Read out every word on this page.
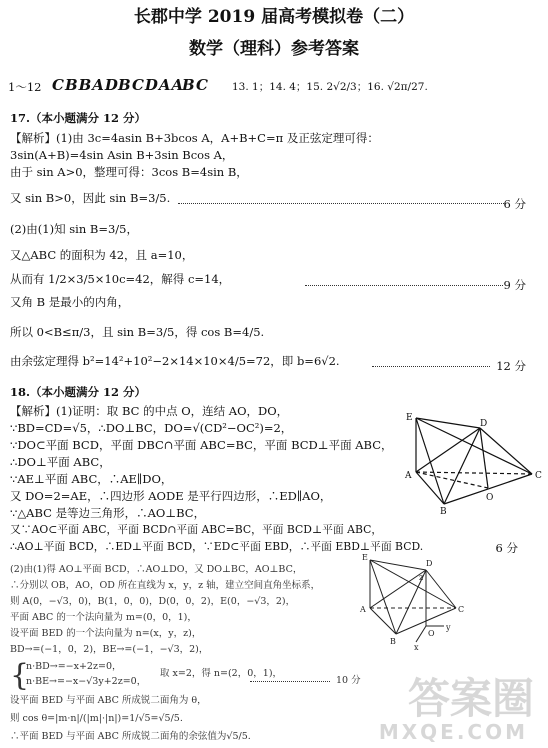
长郡中学 2019 届高考模拟卷（二）
数学（理科）参考答案
1～12 CBBAD BCDAA
BC 13. 1；14. 4；15. 2√2/3；16. √2π/27.
17.（本小题满分 12 分）
【解析】(1)由 3c=4asin B+3bcos A，A+B+C=π 及正弦定理可得：
3sin(A+B)=4sin Asin B+3sin Bcos A，
由于 sin A>0，整理可得：3cos B=4sin B，
又 sin B>0，因此 sin B=3/5.	6 分
(2)由(1)知 sin B=3/5，
又△ABC 的面积为 42，且 a=10，
从而有 1/2×3/5×10c=42，解得 c=14，	9 分
又角 B 是最小的内角，
所以 0<B≤π/3，且 sin B=3/5，得 cos B=4/5.
由余弦定理得 b²=14²+10²−2×14×10×4/5=72，即 b=6√2.	12 分
18.（本小题满分 12 分）
【解析】(1)证明：取 BC 的中点 O，连结 AO，DO，
∵BD=CD=√5，∴DO⊥BC，DO=√(CD²−OC²)=2，
∵DO⊂平面 BCD，平面 DBC∩平面 ABC=BC，平面 BCD⊥平面 ABC，
∴DO⊥平面 ABC，
∵AE⊥平面 ABC，∴AE∥DO，
又 DO=2=AE，∴四边形 AODE 是平行四边形，∴ED∥AO，
∵△ABC 是等边三角形，∴AO⊥BC，
又∵AO⊂平面 ABC，平面 BCD∩平面 ABC=BC，平面 BCD⊥平面 ABC，
∴AO⊥平面 BCD，∴ED⊥平面 BCD，∵ED⊂平面 EBD，∴平面 EBD⊥平面 BCD.	6 分
(2)由(1)得 AO⊥平面 BCD，∴AO⊥DO，又 DO⊥BC，AO⊥BC，
∴分别以 OB，AO，OD 所在直线为 x，y，z 轴，建立空间直角坐标系，
则 A(0，−√3，0)，B(1，0，0)，D(0，0，2)，E(0，−√3，2)，
平面 ABC 的一个法向量为 m=(0，0，1)，
设平面 BED 的一个法向量为 n=(x，y，z)，
BD→=(−1，0，2)，BE→=(−1，−√3，2)，
{
n·BD→=−x+2z=0，
n·BE→=−x−√3y+2z=0，
取 x=2，得 n=(2，0，1)，
10 分
设平面 BED 与平面 ABC 所成锐二面角为 θ，
则 cos θ=|m·n|/(|m|·|n|)=1/√5=√5/5.
∴平面 BED 与平面 ABC 所成锐二面角的余弦值为√5/5.
E
D
A
O
C
B
E
D
A
O
C
B
x
y
z
答案圈
MXQE.COM
